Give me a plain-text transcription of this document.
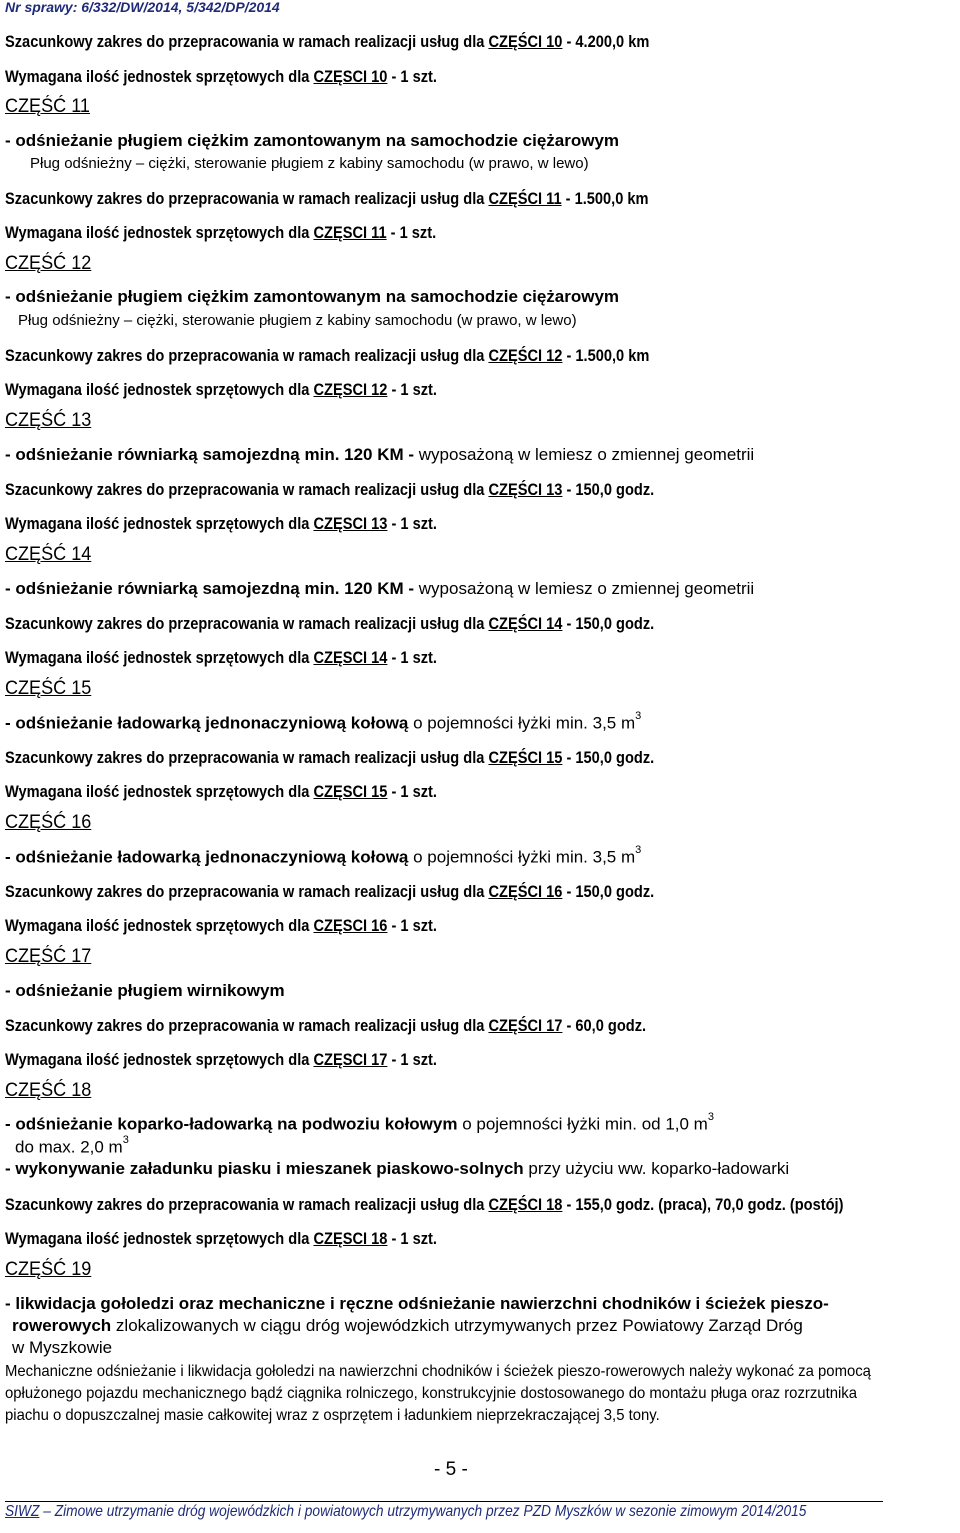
Nr sprawy: 6/332/DW/2014, 5/342/DP/2014
Szacunkowy zakres do przepracowania w ramach realizacji usług dla CZĘŚCI 10 - 4.200,0 km
Wymagana ilość jednostek sprzętowych dla CZĘSCI 10 - 1 szt.
CZĘŚĆ 11
- odśnieżanie pługiem ciężkim zamontowanym na samochodzie ciężarowym
Pług odśnieżny – ciężki, sterowanie pługiem z kabiny samochodu (w prawo, w lewo)
Szacunkowy zakres do przepracowania w ramach realizacji usług dla CZĘŚCI 11 - 1.500,0 km
Wymagana ilość jednostek sprzętowych dla CZĘSCI 11 - 1 szt.
CZĘŚĆ 12
- odśnieżanie pługiem ciężkim zamontowanym na samochodzie ciężarowym
Pług odśnieżny – ciężki, sterowanie pługiem z kabiny samochodu (w prawo, w lewo)
Szacunkowy zakres do przepracowania w ramach realizacji usług dla CZĘŚCI 12 - 1.500,0 km
Wymagana ilość jednostek sprzętowych dla CZĘSCI 12 - 1 szt.
CZĘŚĆ 13
- odśnieżanie równiarką samojezdną min. 120 KM - wyposażoną w lemiesz o zmiennej geometrii
Szacunkowy zakres do przepracowania w ramach realizacji usług dla CZĘŚCI 13 - 150,0 godz.
Wymagana ilość jednostek sprzętowych dla CZĘSCI 13 - 1 szt.
CZĘŚĆ 14
- odśnieżanie równiarką samojezdną min. 120 KM - wyposażoną w lemiesz o zmiennej geometrii
Szacunkowy zakres do przepracowania w ramach realizacji usług dla CZĘŚCI 14 - 150,0 godz.
Wymagana ilość jednostek sprzętowych dla CZĘSCI 14 - 1 szt.
CZĘŚĆ 15
- odśnieżanie ładowarką jednonaczyniową kołową o pojemności łyżki min. 3,5 $m^3$
Szacunkowy zakres do przepracowania w ramach realizacji usług dla CZĘŚCI 15 - 150,0 godz.
Wymagana ilość jednostek sprzętowych dla CZĘSCI 15 - 1 szt.
CZĘŚĆ 16
- odśnieżanie ładowarką jednonaczyniową kołową o pojemności łyżki min. 3,5 $m^3$
Szacunkowy zakres do przepracowania w ramach realizacji usług dla CZĘŚCI 16 - 150,0 godz.
Wymagana ilość jednostek sprzętowych dla CZĘSCI 16 - 1 szt.
CZĘŚĆ 17
- odśnieżanie pługiem wirnikowym
Szacunkowy zakres do przepracowania w ramach realizacji usług dla CZĘŚCI 17 - 60,0 godz.
Wymagana ilość jednostek sprzętowych dla CZĘSCI 17 - 1 szt.
CZĘŚĆ 18
- odśnieżanie koparko-ładowarką na podwoziu kołowym o pojemności łyżki min. od 1,0 $m^3$
do max. 2,0 $m^3$
- wykonywanie załadunku piasku i mieszanek piaskowo-solnych przy użyciu ww. koparko-ładowarki
Szacunkowy zakres do przepracowania w ramach realizacji usług dla CZĘŚCI 18 - 155,0 godz. (praca), 70,0 godz. (postój)
Wymagana ilość jednostek sprzętowych dla CZĘSCI 18 - 1 szt.
CZĘŚĆ 19
- likwidacja gołoledzi oraz mechaniczne i ręczne odśnieżanie nawierzchni chodników i ścieżek pieszo-
rowerowych zlokalizowanych w ciągu dróg wojewódzkich utrzymywanych przez Powiatowy Zarząd Dróg
w Myszkowie
Mechaniczne odśnieżanie i likwidacja gołoledzi na nawierzchni chodników i ścieżek pieszo-rowerowych należy wykonać za pomocą
opłużonego pojazdu mechanicznego bądź ciągnika rolniczego, konstrukcyjnie dostosowanego do montażu pługa oraz rozrzutnika
piachu o dopuszczalnej masie całkowitej wraz z osprzętem i ładunkiem nieprzekraczającej 3,5 tony.
- 5 -
SIWZ – Zimowe utrzymanie dróg wojewódzkich i powiatowych utrzymywanych przez PZD Myszków w sezonie zimowym 2014/2015
